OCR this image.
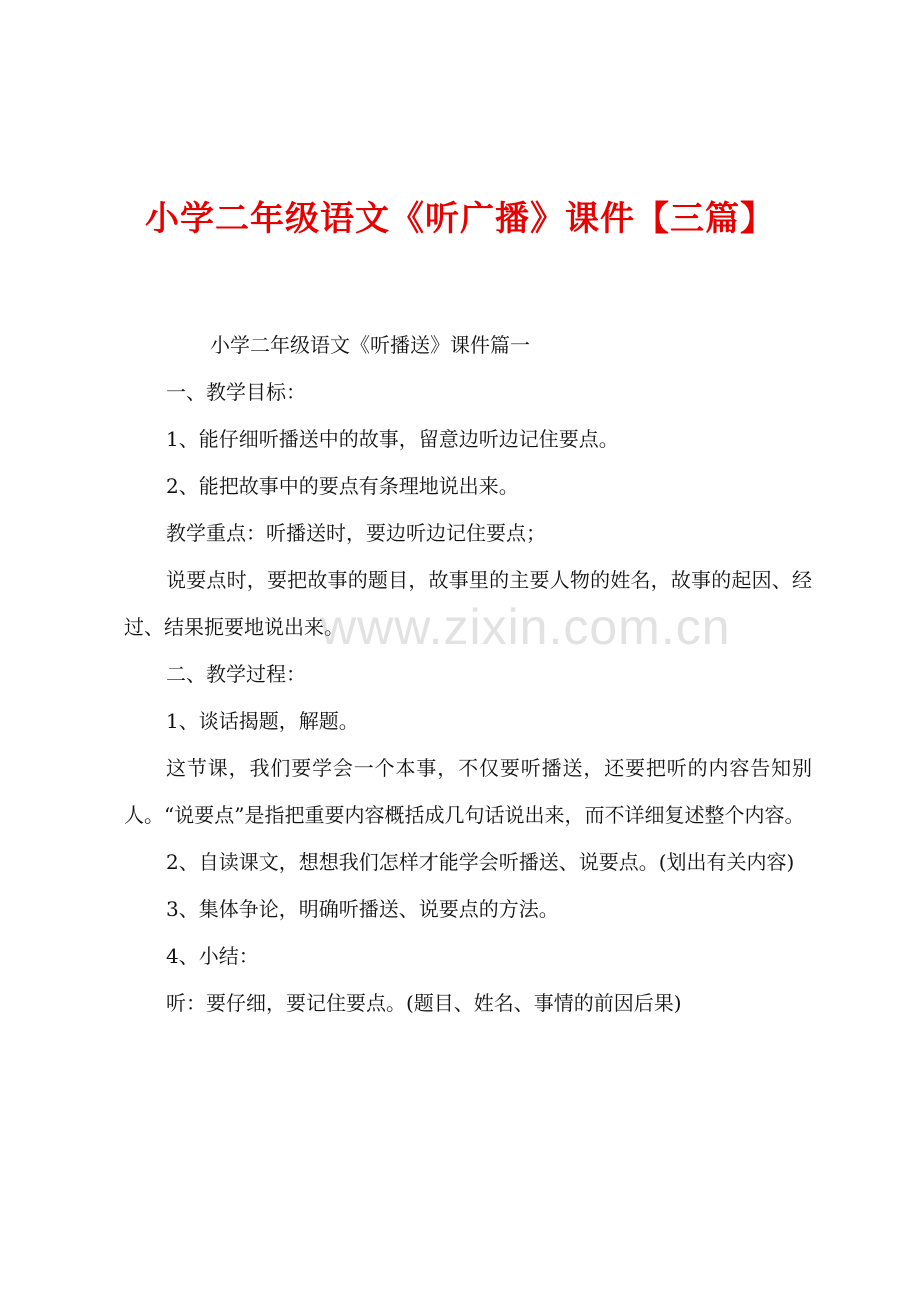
小学二年级语文《听广播》课件【三篇】

小学二年级语文《听播送》课件篇一

一、教学目标：

1、能仔细听播送中的故事，留意边听边记住要点。

2、能把故事中的要点有条理地说出来。

教学重点：听播送时，要边听边记住要点；

说要点时，要把故事的题目，故事里的主要人物的姓名，故事的起因、经过、结果扼要地说出来。

二、教学过程：

1、谈话揭题，解题。

这节课，我们要学会一个本事，不仅要听播送，还要把听的内容告知别人。“说要点”是指把重要内容概括成几句话说出来，而不详细复述整个内容。

2、自读课文，想想我们怎样才能学会听播送、说要点。(划出有关内容)

3、集体争论，明确听播送、说要点的方法。

4、小结：

听：要仔细，要记住要点。(题目、姓名、事情的前因后果)

www.zixin.com.cn
